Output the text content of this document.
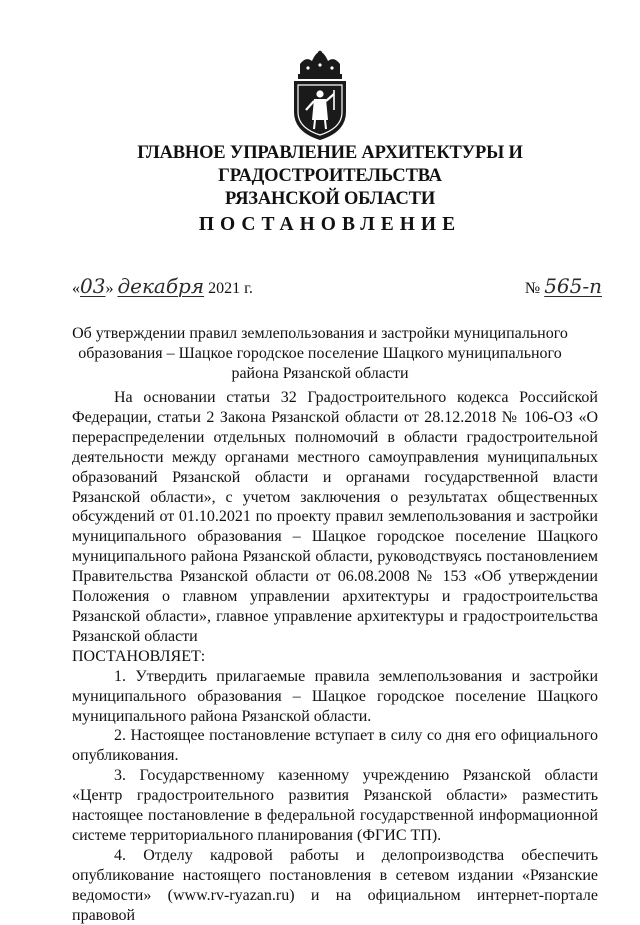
ГЛАВНОЕ УПРАВЛЕНИЕ АРХИТЕКТУРЫ И ГРАДОСТРОИТЕЛЬСТВА
РЯЗАНСКОЙ ОБЛАСТИ
ПОСТАНОВЛЕНИЕ
«03» декабря 2021 г.	№ 565-п
Об утверждении правил землепользования и застройки муниципального образования – Шацкое городское поселение Шацкого муниципального района Рязанской области

На основании статьи 32 Градостроительного кодекса Российской Федерации, статьи 2 Закона Рязанской области от 28.12.2018 № 106-ОЗ «О перераспределении отдельных полномочий в области градостроительной деятельности между органами местного самоуправления муниципальных образований Рязанской области и органами государственной власти Рязанской области», с учетом заключения о результатах общественных обсуждений от 01.10.2021 по проекту правил землепользования и застройки муниципального образования – Шацкое городское поселение Шацкого муниципального района Рязанской области, руководствуясь постановлением Правительства Рязанской области от 06.08.2008 № 153 «Об утверждении Положения о главном управлении архитектуры и градостроительства Рязанской области», главное управление архитектуры и градостроительства Рязанской области

ПОСТАНОВЛЯЕТ:

1. Утвердить прилагаемые правила землепользования и застройки муниципального образования – Шацкое городское поселение Шацкого муниципального района Рязанской области.

2. Настоящее постановление вступает в силу со дня его официального опубликования.

3. Государственному казенному учреждению Рязанской области «Центр градостроительного развития Рязанской области» разместить настоящее постановление в федеральной государственной информационной системе территориального планирования (ФГИС ТП).

4. Отделу кадровой работы и делопроизводства обеспечить опубликование настоящего постановления в сетевом издании «Рязанские ведомости» (www.rv-ryazan.ru) и на официальном интернет-портале правовой
